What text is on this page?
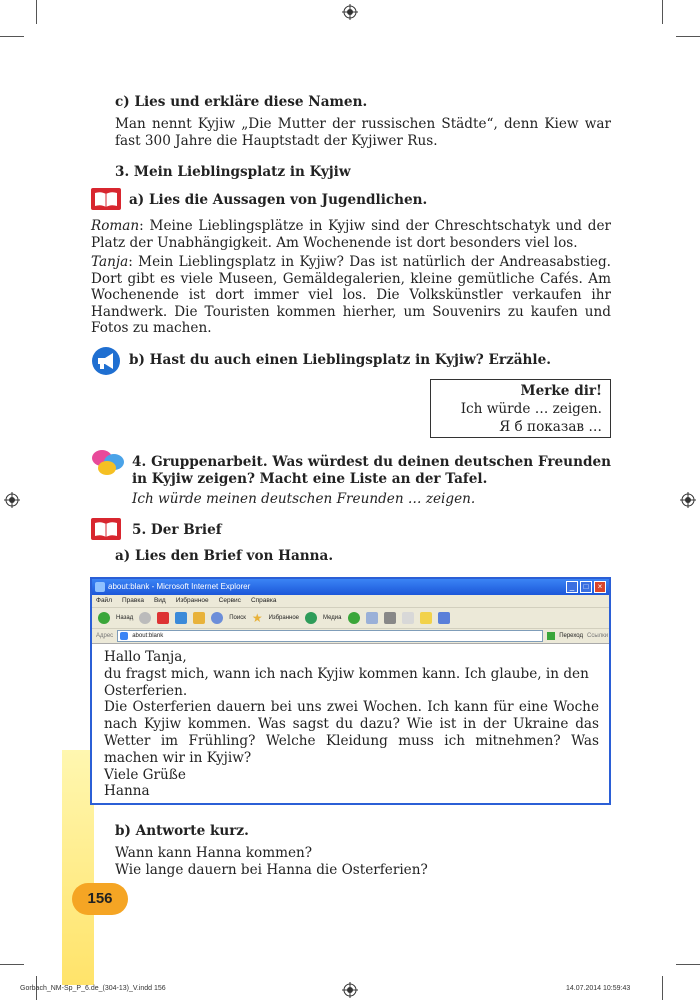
156
c) Lies und erkläre diese Namen.
Man nennt Kyjiw „Die Mutter der russischen Städte“, denn Kiew war fast 300 Jahre die Hauptstadt der Kyjiwer Rus.
3. Mein Lieblingsplatz in Kyjiw
a) Lies die Aussagen von Jugendlichen.
Roman: Meine Lieblingsplätze in Kyjiw sind der Chreschtschatyk und der Platz der Unabhängigkeit. Am Wochenende ist dort besonders viel los.
Tanja: Mein Lieblingsplatz in Kyjiw? Das ist natürlich der Andreasabstieg. Dort gibt es viele Museen, Gemäldegalerien, kleine gemütliche Cafés. Am Wochenende ist dort immer viel los. Die Volkskünstler verkaufen ihr Handwerk. Die Touristen kommen hierher, um Souvenirs zu kaufen und Fotos zu machen.
b) Hast du auch einen Lieblingsplatz in Kyjiw? Erzähle.
Merke dir!
Ich würde … zeigen.
Я б показав …
4. Gruppenarbeit. Was würdest du deinen deutschen Freunden in Kyjiw zeigen? Macht eine Liste an der Tafel.
Ich würde meinen deutschen Freunden … zeigen.
5. Der Brief
a) Lies den Brief von Hanna.
about:blank - Microsoft Internet Explorer	_	□	×
Файл Правка Вид Избранное Сервис Справка
Назад	Поиск ★ Избранное	Медиа
Адрес	about:blank	Переход Ссылки
Hallo Tanja,
du fragst mich, wann ich nach Kyjiw kommen kann. Ich glaube, in den Osterferien.
Die Osterferien dauern bei uns zwei Wochen. Ich kann für eine Woche nach Kyjiw kommen. Was sagst du dazu? Wie ist in der Ukraine das Wetter im Frühling? Welche Kleidung muss ich mitnehmen? Was machen wir in Kyjiw?
Viele Grüße
Hanna
b) Antworte kurz.
Wann kann Hanna kommen?
Wie lange dauern bei Hanna die Osterferien?
Gorbach_NM-Sp_P_6.de_(304-13)_V.indd 156	14.07.2014 10:59:43
